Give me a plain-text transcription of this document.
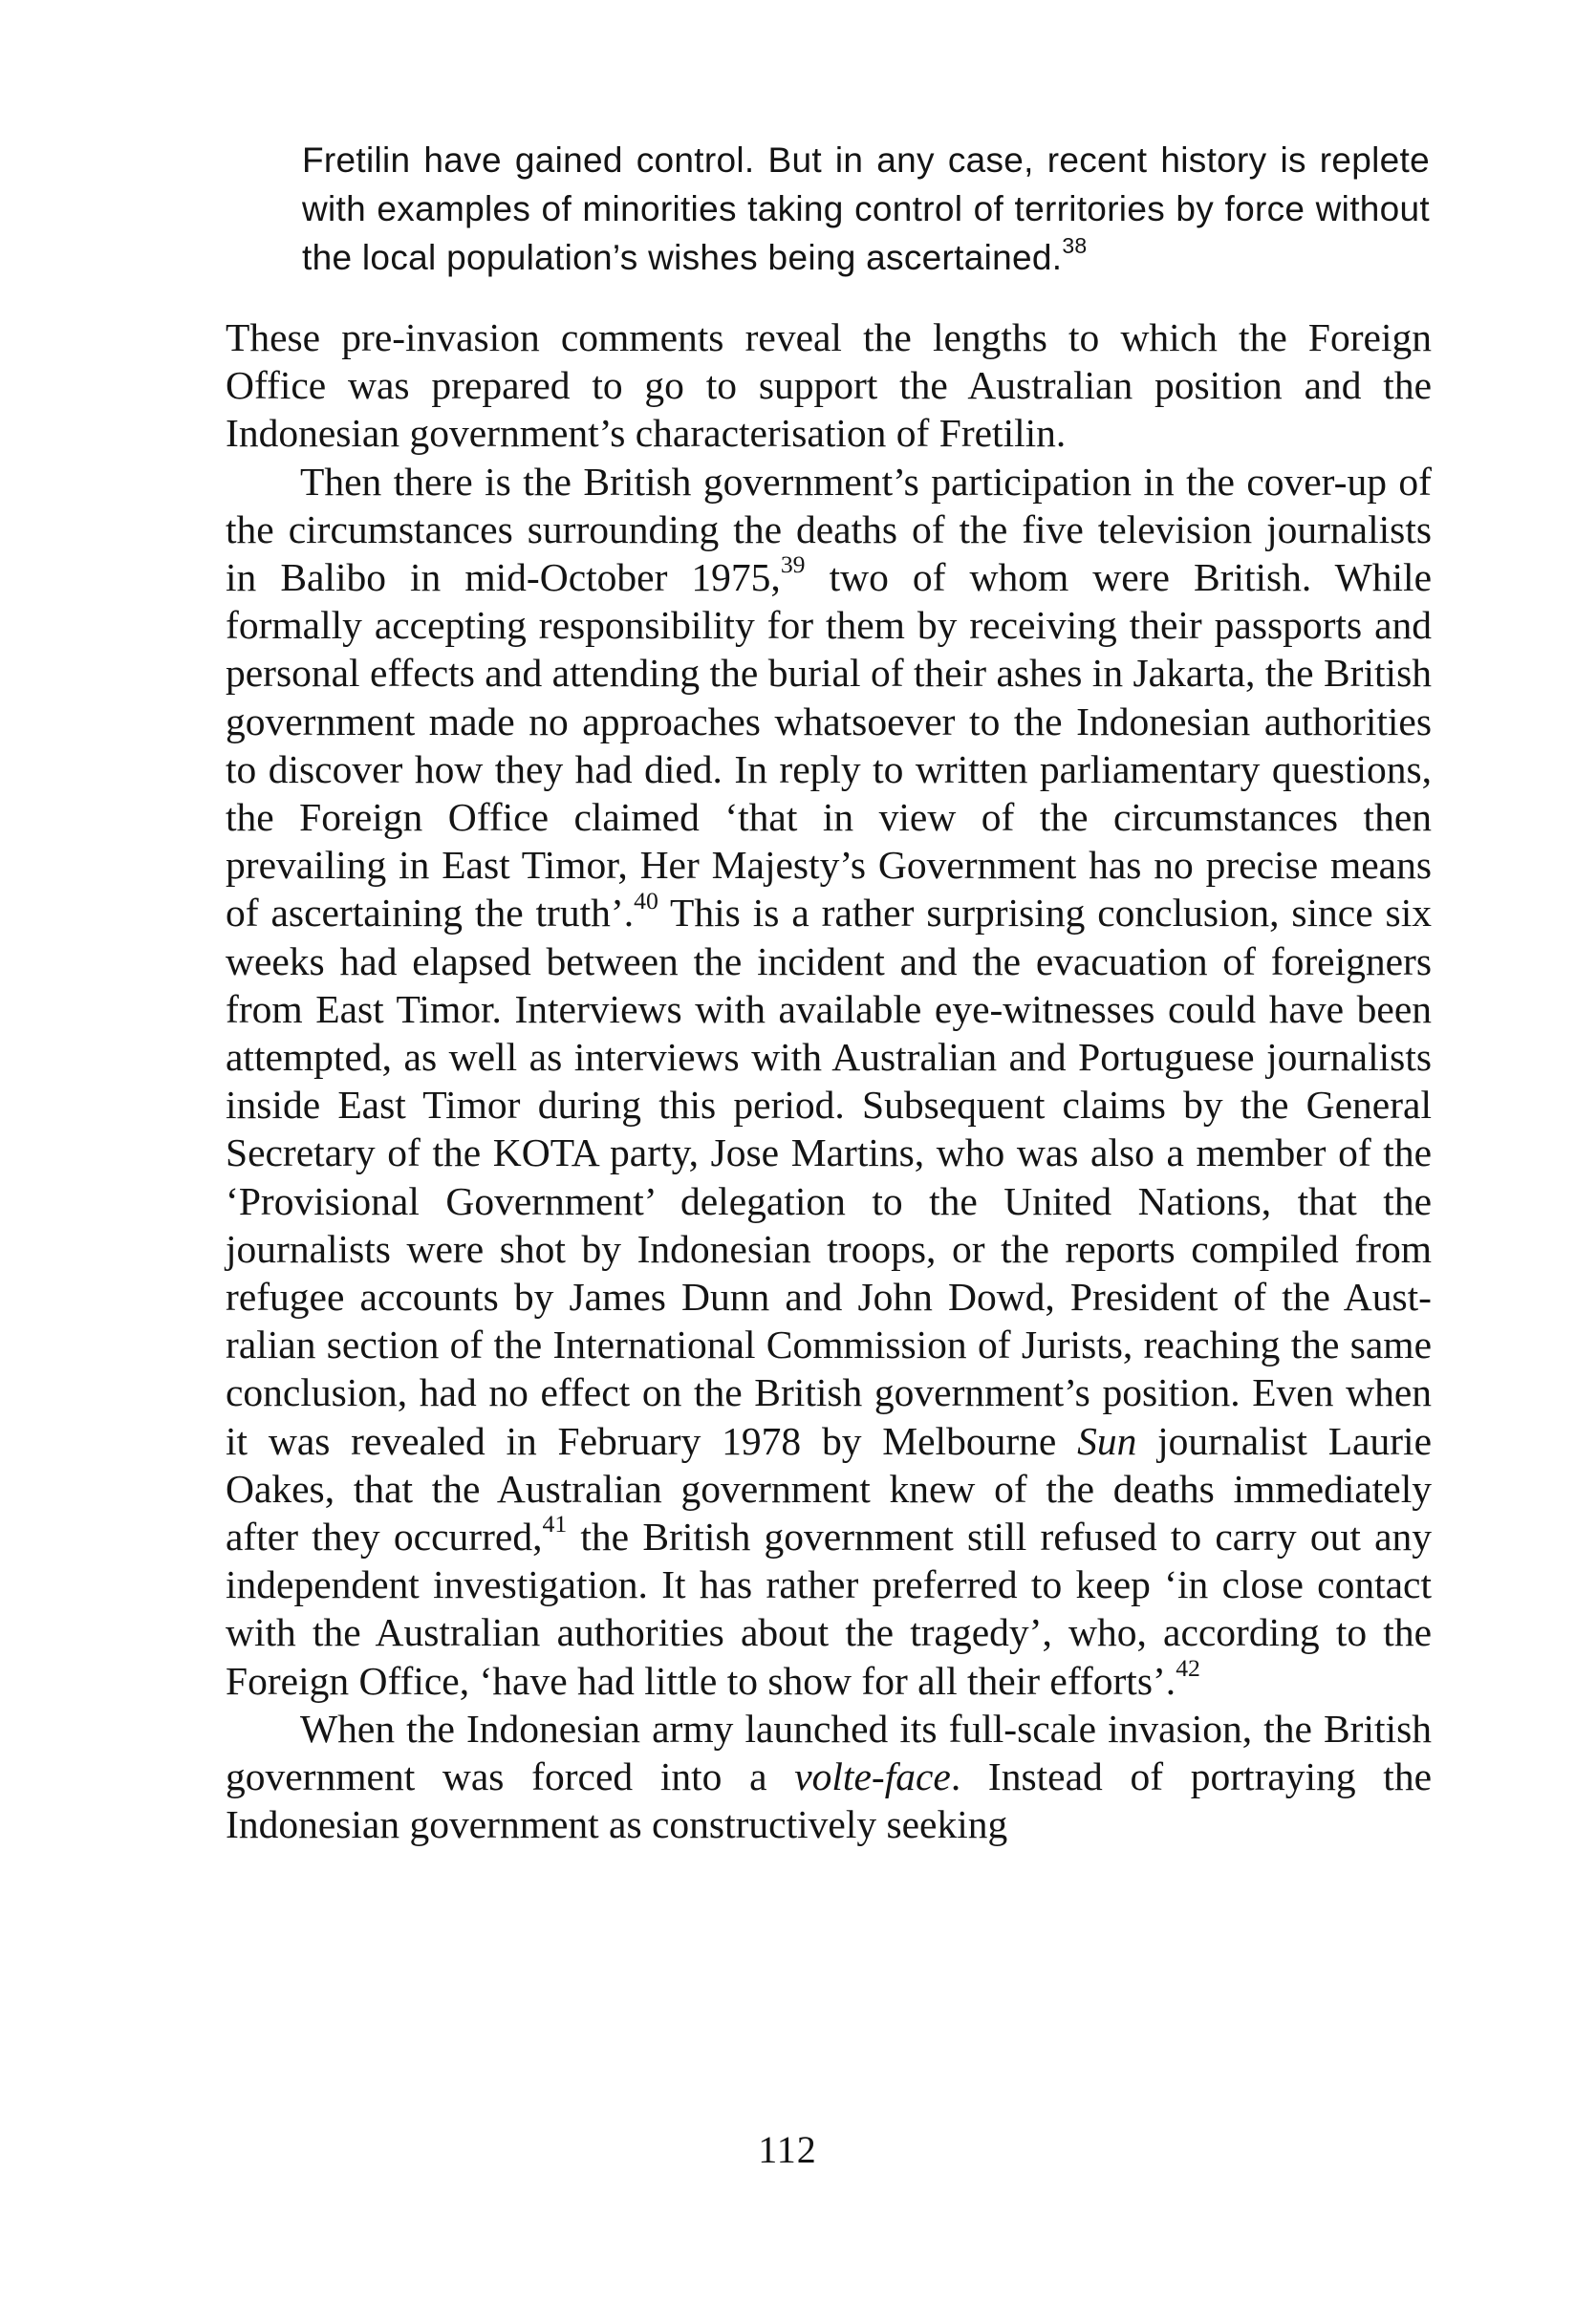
Fretilin have gained control. But in any case, recent history is replete with examples of minorities taking control of territories by force without the local population’s wishes being ascertained.$^{38}$

These pre-invasion comments reveal the lengths to which the Foreign Office was prepared to go to support the Australian position and the Indonesian government’s characterisation of Fretilin.

Then there is the British government’s participation in the cover-up of the circumstances surrounding the deaths of the five television journalists in Balibo in mid-October 1975,39 two of whom were British. While formally accepting responsibility for them by receiving their passports and personal effects and attending the burial of their ashes in Jakarta, the British government made no approaches whatsoever to the Indonesian authorities to discover how they had died. In reply to written parliamentary questions, the Foreign Office claimed ‘that in view of the circumstances then prevailing in East Timor, Her Majesty’s Government has no precise means of ascertaining the truth’.$^{40}$ This is a rather surprising conclusion, since six weeks had elapsed between the incident and the evacuation of foreigners from East Timor. Interviews with available eye-witnesses could have been attempted, as well as interviews with Australian and Portuguese journalists inside East Timor during this period. Subsequent claims by the General Secretary of the KOTA party, Jose Martins, who was also a member of the ‘Provisional Government’ delegation to the United Nations, that the journalists were shot by Indonesian troops, or the reports compiled from refugee accounts by James Dunn and John Dowd, President of the Australian section of the International Commission of Jurists, reaching the same conclusion, had no effect on the British government’s position. Even when it was revealed in February 1978 by Melbourne Sun journalist Laurie Oakes, that the Australian government knew of the deaths immediately after they occurred,$^{41}$ the British government still refused to carry out any independent investigation. It has rather preferred to keep ‘in close contact with the Australian authorities about the tragedy’, who, according to the Foreign Office, ‘have had little to show for all their efforts’.$^{42}$

When the Indonesian army launched its full-scale invasion, the British government was forced into a volte-face. Instead of portraying the Indonesian government as constructively seeking

112
